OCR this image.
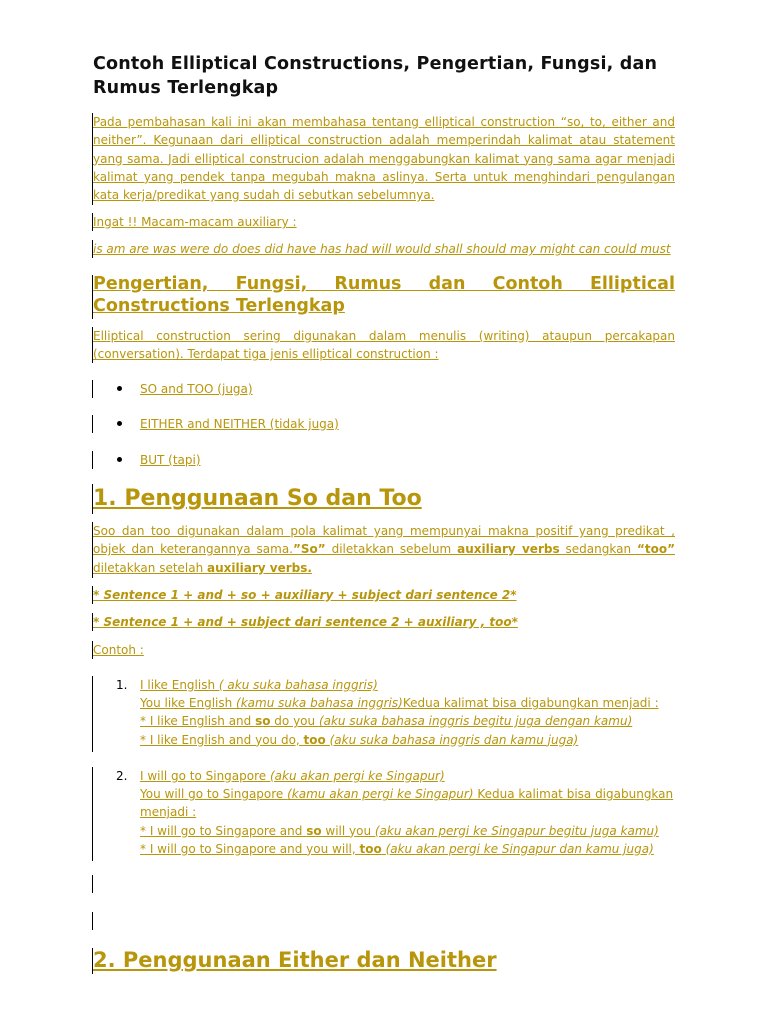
Contoh Elliptical Constructions, Pengertian, Fungsi, dan Rumus Terlengkap

Pada pembahasan kali ini akan membahasa tentang elliptical construction “so, to, either and neither”. Kegunaan dari elliptical construction adalah memperindah kalimat atau statement yang sama. Jadi elliptical construcion adalah menggabungkan kalimat yang sama agar menjadi kalimat yang pendek tanpa megubah makna aslinya. Serta untuk menghindari pengulangan kata kerja/predikat yang sudah di sebutkan sebelumnya.

Ingat !! Macam-macam auxiliary :

is am are was were do does did have has had will would shall should may might can could must

Pengertian, Fungsi, Rumus dan Contoh Elliptical
Constructions Terlengkap

Elliptical construction sering digunakan dalam menulis (writing) ataupun percakapan (conversation). Terdapat tiga jenis elliptical construction :

SO and TOO (juga)
EITHER and NEITHER (tidak juga)
BUT (tapi)
1. Penggunaan So dan Too

Soo dan too digunakan dalam pola kalimat yang mempunyai makna positif yang predikat , objek dan keterangannya sama.”So” diletakkan sebelum auxiliary verbs sedangkan “too” diletakkan setelah auxiliary verbs.

* Sentence 1 + and + so + auxiliary + subject dari sentence 2*

* Sentence 1 + and + subject dari sentence 2 + auxiliary , too*

Contoh :

1. I like English ( aku suka bahasa inggris)
You like English (kamu suka bahasa inggris)Kedua kalimat bisa digabungkan menjadi :
* I like English and so do you (aku suka bahasa inggris begitu juga dengan kamu)
* I like English and you do, too (aku suka bahasa inggris dan kamu juga)
2. I will go to Singapore (aku akan pergi ke Singapur)
You will go to Singapore (kamu akan pergi ke Singapur) Kedua kalimat bisa digabungkan
menjadi :
* I will go to Singapore and so will you (aku akan pergi ke Singapur begitu juga kamu)
* I will go to Singapore and you will, too (aku akan pergi ke Singapur dan kamu juga)
2. Penggunaan Either dan Neither
